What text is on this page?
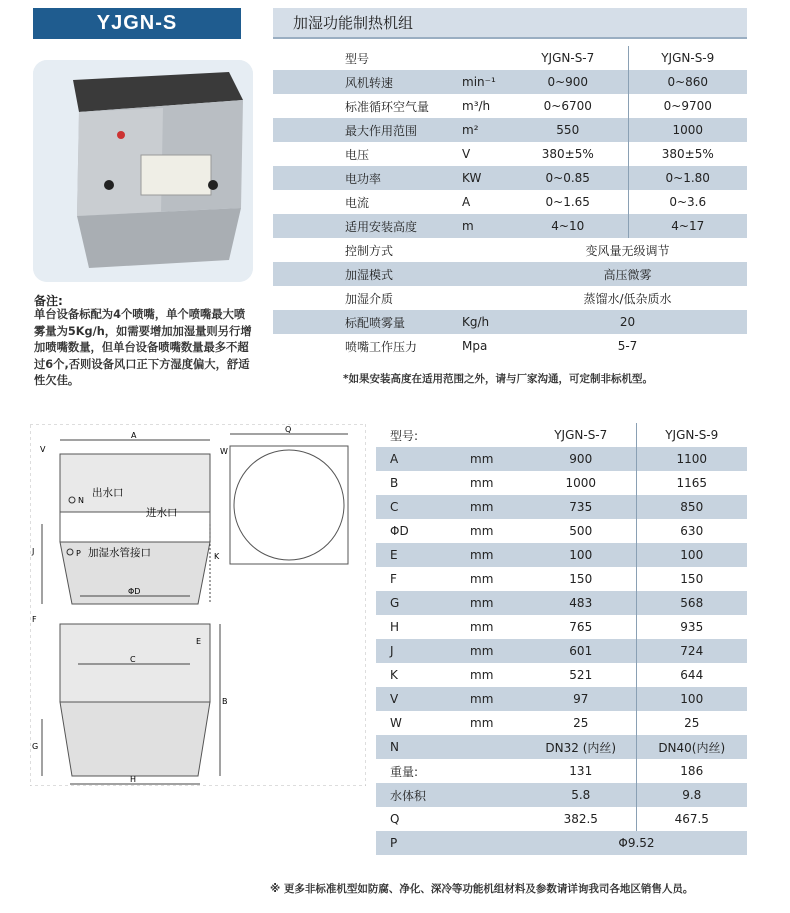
YJGN-S	加湿功能制热机组
备注:
单台设备标配为4个喷嘴，单个喷嘴最大喷雾量为5Kg/h，如需要增加加湿量则另行增加喷嘴数量，但单台设备喷嘴数量最多不超过6个,否则设备风口正下方湿度偏大，舒适性欠佳。
型号		YJGN-S-7	YJGN-S-9
风机转速	min⁻¹	0~900	0~860
标准循环空气量	m³/h	0~6700	0~9700
最大作用范围	m²	550	1000
电压	V	380±5%	380±5%
电功率	KW	0~0.85	0~1.80
电流	A	0~1.65	0~3.6
适用安装高度	m	4~10	4~17
控制方式		变风量无级调节	
加湿模式		高压微雾	
加湿介质		蒸馏水/低杂质水	
标配喷雾量	Kg/h	20	
喷嘴工作压力	Mpa	5-7	
*如果安装高度在适用范围之外，请与厂家沟通，可定制非标机型。
出水口
进水口
加湿水管接口
A
Q
V	W
N
J
K
P
ΦD
F
E
C
B
G
H
型号:		YJGN-S-7	YJGN-S-9
A	mm	900	1100
B	mm	1000	1165
C	mm	735	850
ΦD	mm	500	630
E	mm	100	100
F	mm	150	150
G	mm	483	568
H	mm	765	935
J	mm	601	724
K	mm	521	644
V	mm	97	100
W	mm	25	25
N		DN32 (内丝)	DN40(内丝)
重量:		131	186
水体积		5.8	9.8
Q		382.5	467.5
P		Φ9.52	
※ 更多非标准机型如防腐、净化、深冷等功能机组材料及参数请详询我司各地区销售人员。
